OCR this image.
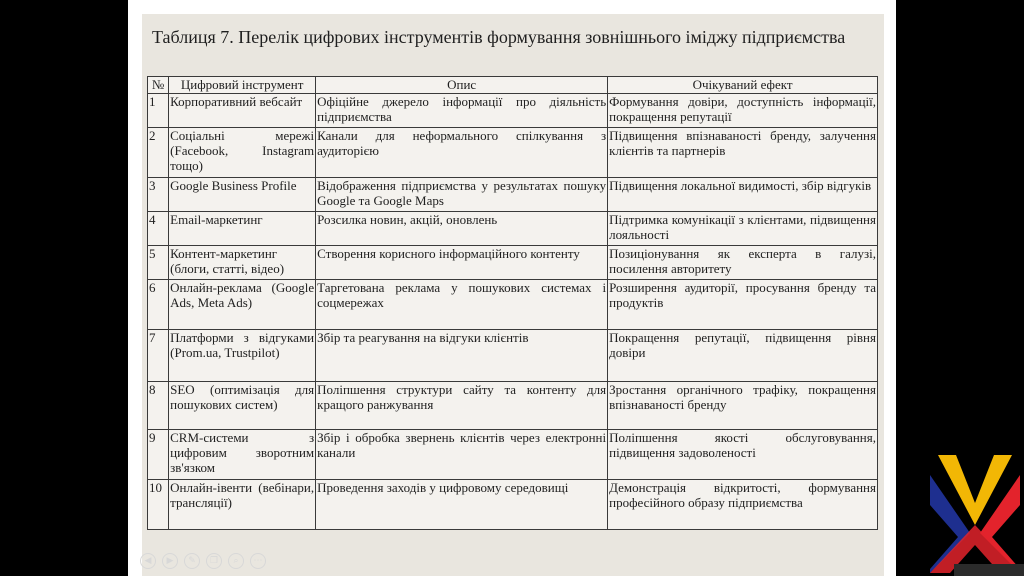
Таблиця 7. Перелік цифрових інструментів формування зовнішнього іміджу підприємства
№	Цифровий інструмент	Опис	Очікуваний ефект
1	Корпоративний вебсайт	Офіційне джерело інформації про діяльність підприємства	Формування довіри, доступність інформації, покращення репутації
2	Соціальні мережі (Facebook, Instagram тощо)	Канали для неформального спілкування з аудиторією	Підвищення впізнаваності бренду, залучення клієнтів та партнерів
3	Google Business Profile	Відображення підприємства у результатах пошуку Google та Google Maps	Підвищення локальної видимості, збір відгуків
4	Email-маркетинг	Розсилка новин, акцій, оновлень	Підтримка комунікації з клієнтами, підвищення лояльності
5	Контент-маркетинг (блоги, статті, відео)	Створення корисного інформаційного контенту	Позиціонування як експерта в галузі, посилення авторитету
6	Онлайн-реклама (Google Ads, Meta Ads)	Таргетована реклама у пошукових системах і соцмережах	Розширення аудиторії, просування бренду та продуктів
7	Платформи з відгуками (Prom.ua, Trustpilot)	Збір та реагування на відгуки клієнтів	Покращення репутації, підвищення рівня довіри
8	SEO (оптимізація для пошукових систем)	Поліпшення структури сайту та контенту для кращого ранжування	Зростання органічного трафіку, покращення впізнаваності бренду
9	CRM-системи з цифровим зворотним зв'язком	Збір і обробка звернень клієнтів через електронні канали	Поліпшення якості обслуговування, підвищення задоволеності
10	Онлайн-івенти (вебінари, трансляції)	Проведення заходів у цифровому середовищі	Демонстрація відкритості, формування професійного образу підприємства
◀	▶	✎	❐	⌕	⋯
